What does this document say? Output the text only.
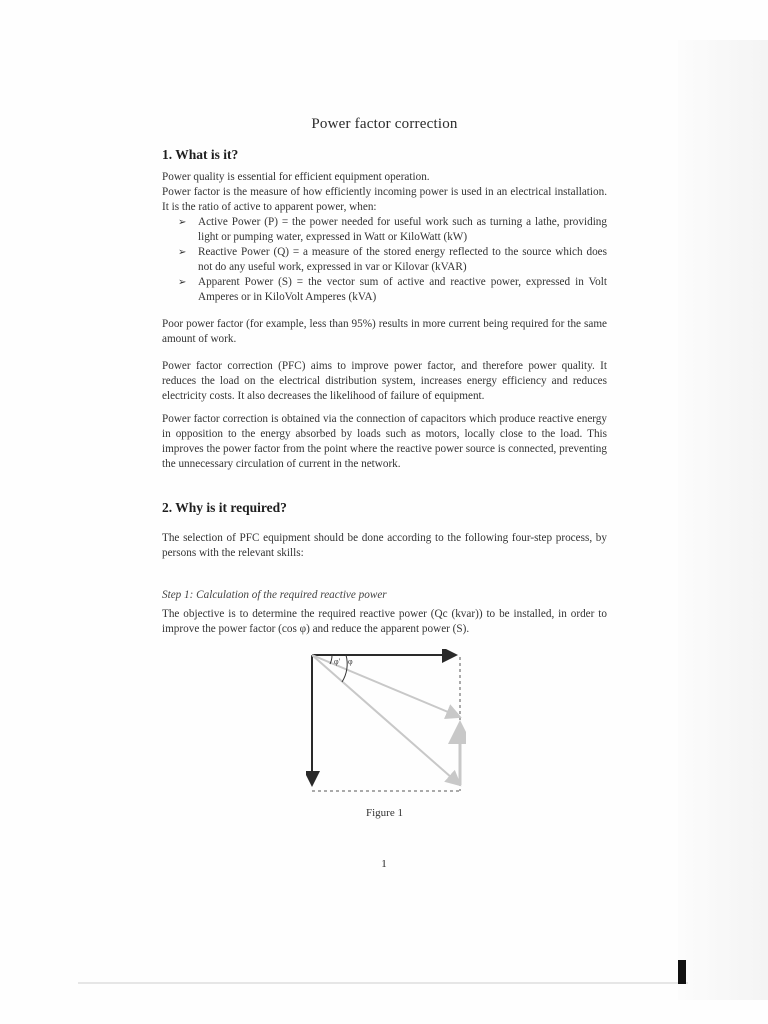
Power factor correction
1. What is it?

Power quality is essential for efficient equipment operation.

Power factor is the measure of how efficiently incoming power is used in an electrical installation. It is the ratio of active to apparent power, when:

➢ Active Power (P) = the power needed for useful work such as turning a lathe, providing light or pumping water, expressed in Watt or KiloWatt (kW)
➢ Reactive Power (Q) = a measure of the stored energy reflected to the source which does not do any useful work, expressed in var or Kilovar (kVAR)
➢ Apparent Power (S) = the vector sum of active and reactive power, expressed in Volt Amperes or in KiloVolt Amperes (kVA)

Poor power factor (for example, less than 95%) results in more current being required for the same amount of work.

Power factor correction (PFC) aims to improve power factor, and therefore power quality. It reduces the load on the electrical distribution system, increases energy efficiency and reduces electricity costs. It also decreases the likelihood of failure of equipment.

Power factor correction is obtained via the connection of capacitors which produce reactive energy in opposition to the energy absorbed by loads such as motors, locally close to the load. This improves the power factor from the point where the reactive power source is connected, preventing the unnecessary circulation of current in the network.

2. Why is it required?

The selection of PFC equipment should be done according to the following four-step process, by persons with the relevant skills:

Step 1: Calculation of the required reactive power

The objective is to determine the required reactive power (Qc (kvar)) to be installed, in order to improve the power factor (cos φ) and reduce the apparent power (S).

φ' φ
Figure 1
1
